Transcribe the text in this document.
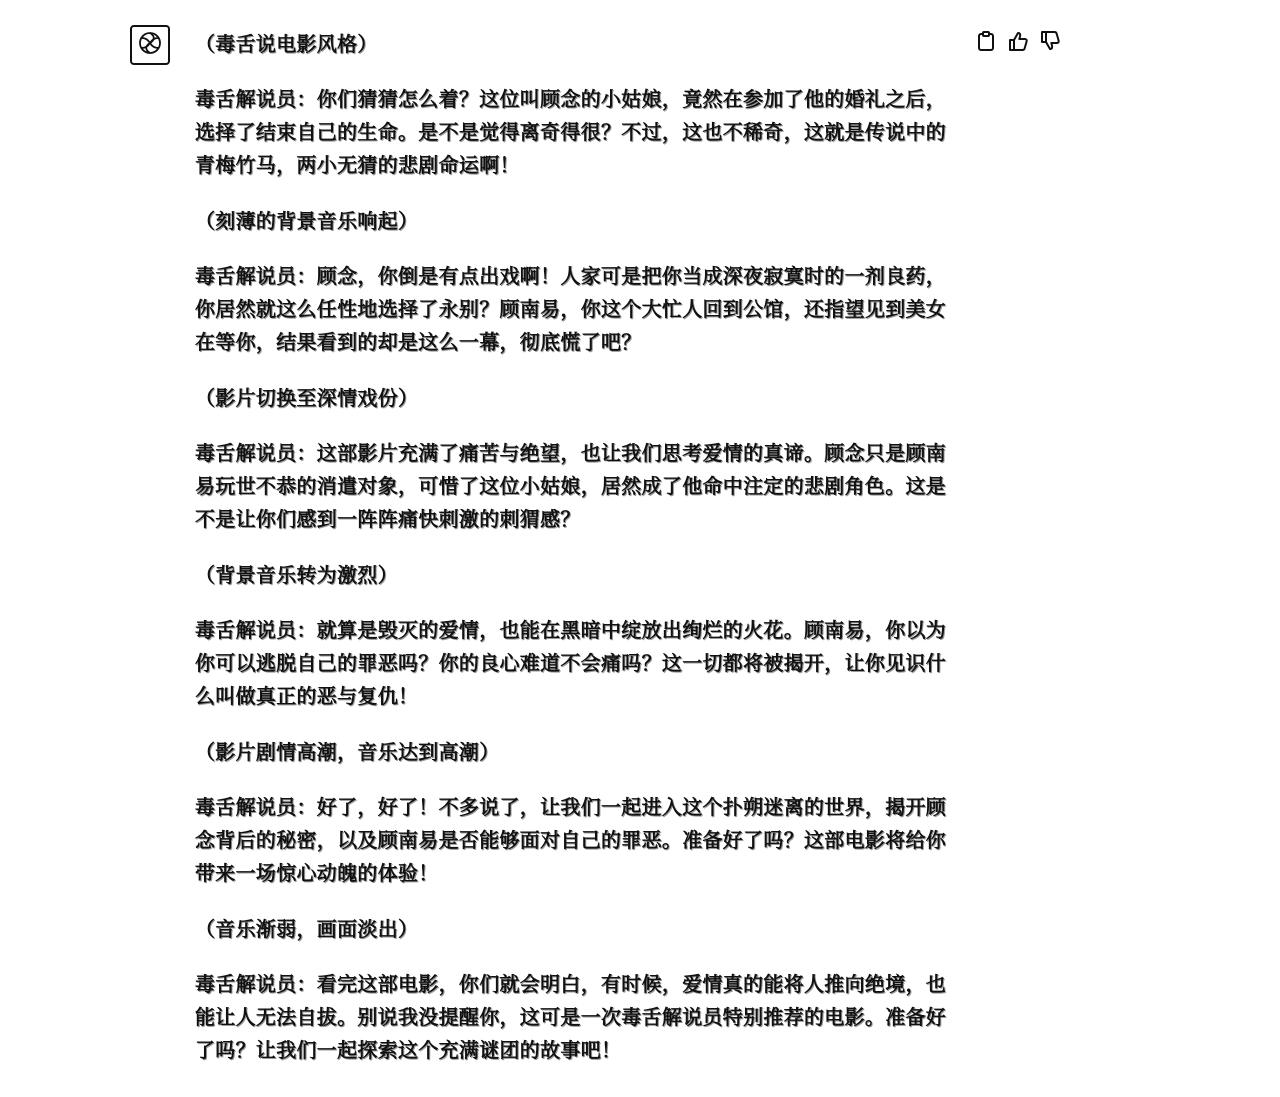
（毒舌说电影风格）

毒舌解说员：你们猜猜怎么着？这位叫顾念的小姑娘，竟然在参加了他的婚礼之后，选择了结束自己的生命。是不是觉得离奇得很？不过，这也不稀奇，这就是传说中的青梅竹马，两小无猜的悲剧命运啊！

（刻薄的背景音乐响起）

毒舌解说员：顾念，你倒是有点出戏啊！人家可是把你当成深夜寂寞时的一剂良药，你居然就这么任性地选择了永别？顾南易，你这个大忙人回到公馆，还指望见到美女在等你，结果看到的却是这么一幕，彻底慌了吧？

（影片切换至深情戏份）

毒舌解说员：这部影片充满了痛苦与绝望，也让我们思考爱情的真谛。顾念只是顾南易玩世不恭的消遣对象，可惜了这位小姑娘，居然成了他命中注定的悲剧角色。这是不是让你们感到一阵阵痛快刺激的刺猬感？

（背景音乐转为激烈）

毒舌解说员：就算是毁灭的爱情，也能在黑暗中绽放出绚烂的火花。顾南易，你以为你可以逃脱自己的罪恶吗？你的良心难道不会痛吗？这一切都将被揭开，让你见识什么叫做真正的恶与复仇！

（影片剧情高潮，音乐达到高潮）

毒舌解说员：好了，好了！不多说了，让我们一起进入这个扑朔迷离的世界，揭开顾念背后的秘密，以及顾南易是否能够面对自己的罪恶。准备好了吗？这部电影将给你带来一场惊心动魄的体验！

（音乐渐弱，画面淡出）

毒舌解说员：看完这部电影，你们就会明白，有时候，爱情真的能将人推向绝境，也能让人无法自拔。别说我没提醒你，这可是一次毒舌解说员特别推荐的电影。准备好了吗？让我们一起探索这个充满谜团的故事吧！
